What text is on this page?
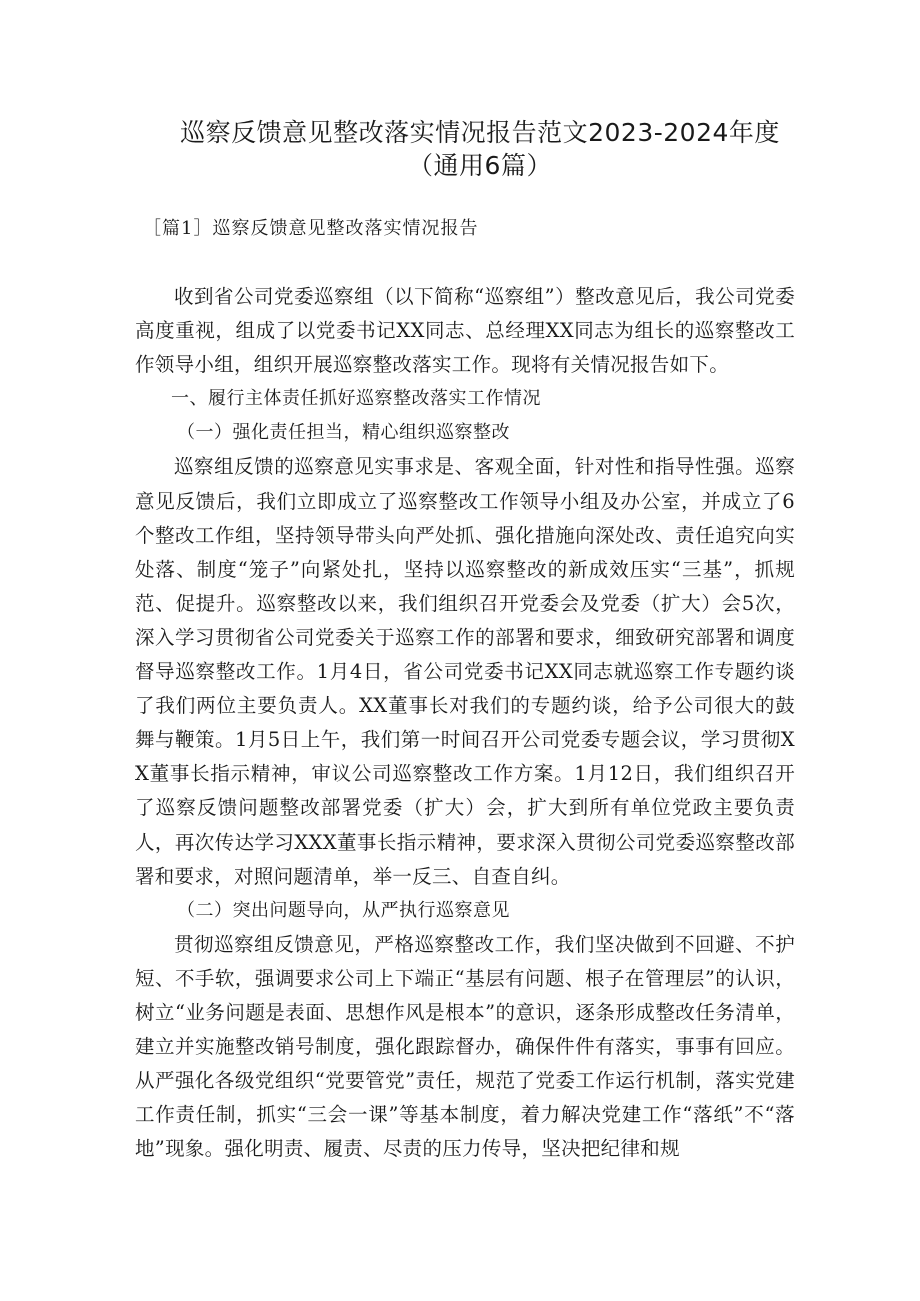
巡察反馈意见整改落实情况报告范文2023-2024年度
（通用6篇）

［篇1］巡察反馈意见整改落实情况报告

收到省公司党委巡察组（以下简称“巡察组”）整改意见后，我公司党委高度重视，组成了以党委书记XX同志、总经理XX同志为组长的巡察整改工作领导小组，组织开展巡察整改落实工作。现将有关情况报告如下。

一、履行主体责任抓好巡察整改落实工作情况

（一）强化责任担当，精心组织巡察整改

巡察组反馈的巡察意见实事求是、客观全面，针对性和指导性强。巡察意见反馈后，我们立即成立了巡察整改工作领导小组及办公室，并成立了6个整改工作组，坚持领导带头向严处抓、强化措施向深处改、责任追究向实处落、制度“笼子”向紧处扎，坚持以巡察整改的新成效压实“三基”，抓规范、促提升。巡察整改以来，我们组织召开党委会及党委（扩大）会5次，深入学习贯彻省公司党委关于巡察工作的部署和要求，细致研究部署和调度督导巡察整改工作。1月4日，省公司党委书记XX同志就巡察工作专题约谈了我们两位主要负责人。XX董事长对我们的专题约谈，给予公司很大的鼓舞与鞭策。1月5日上午，我们第一时间召开公司党委专题会议，学习贯彻XX董事长指示精神，审议公司巡察整改工作方案。1月12日，我们组织召开了巡察反馈问题整改部署党委（扩大）会，扩大到所有单位党政主要负责人，再次传达学习XXX董事长指示精神，要求深入贯彻公司党委巡察整改部署和要求，对照问题清单，举一反三、自查自纠。

（二）突出问题导向，从严执行巡察意见

贯彻巡察组反馈意见，严格巡察整改工作，我们坚决做到不回避、不护短、不手软，强调要求公司上下端正“基层有问题、根子在管理层”的认识，树立“业务问题是表面、思想作风是根本”的意识，逐条形成整改任务清单，建立并实施整改销号制度，强化跟踪督办，确保件件有落实，事事有回应。从严强化各级党组织“党要管党”责任，规范了党委工作运行机制，落实党建工作责任制，抓实“三会一课”等基本制度，着力解决党建工作“落纸”不“落地”现象。强化明责、履责、尽责的压力传导，坚决把纪律和规
